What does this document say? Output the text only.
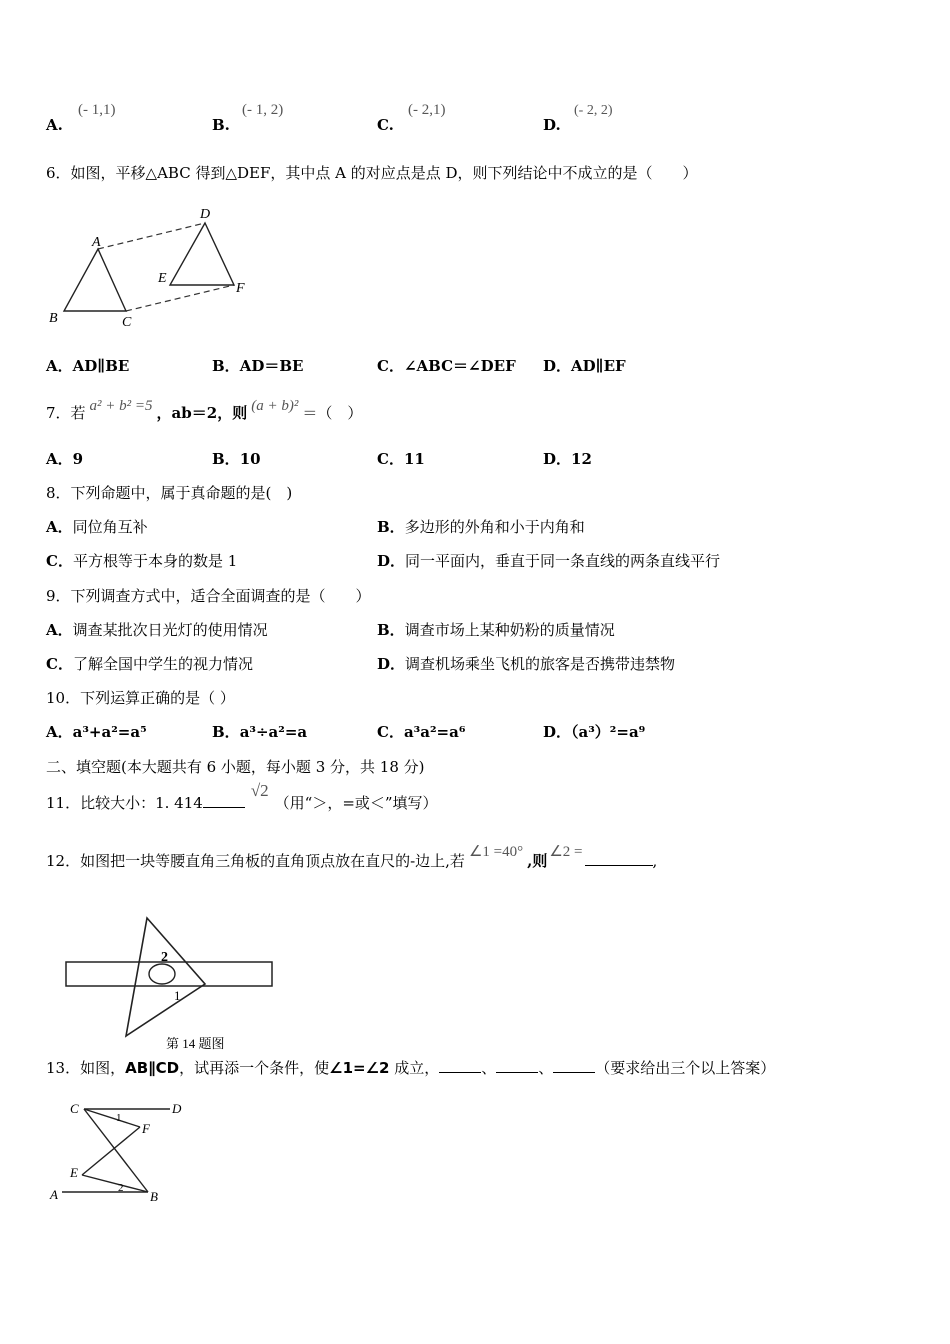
A.
(- 1,1)
B.
(- 1, 2)
C.
(- 2,1)
D.
(- 2, 2)
6．如图，平移△ABC 得到△DEF，其中点 A 的对应点是点 D，则下列结论中不成立的是（　　）
A
B	C
D
E
F
A．AD∥BE	B．AD＝BE	C．∠ABC＝∠DEF D．AD∥EF
7．若 a² + b² =5 ，ab＝2，则 (a + b)² ＝（　）
A．9	B．10	C．11	D．12
8．下列命题中，属于真命题的是(　)
A．同位角互补	B．多边形的外角和小于内角和
C．平方根等于本身的数是 1	D．同一平面内，垂直于同一条直线的两条直线平行
9．下列调查方式中，适合全面调查的是（　　）
A．调查某批次日光灯的使用情况	B．调查市场上某种奶粉的质量情况
C．了解全国中学生的视力情况	D．调查机场乘坐飞机的旅客是否携带违禁物
10．下列运算正确的是（ ）
A．a³+a²=a⁵	B．a³÷a²=a	C．a³a²=a⁶	D．（a³）²=a⁹
二、填空题(本大题共有 6 小题，每小题 3 分，共 18 分)
11．比较大小：1. 414√2（用“＞，=或＜”填写）
12．如图把一块等腰直角三角板的直角顶点放在直尺的-边上,若 ∠1 =40° ,则 ∠2 =	,
2
1
第 14 题图
13．如图，AB∥CD，试再添一个条件，使∠1=∠2 成立，	、	、	（要求给出三个以上答案）
C	D
F
E
A	B
1
2
